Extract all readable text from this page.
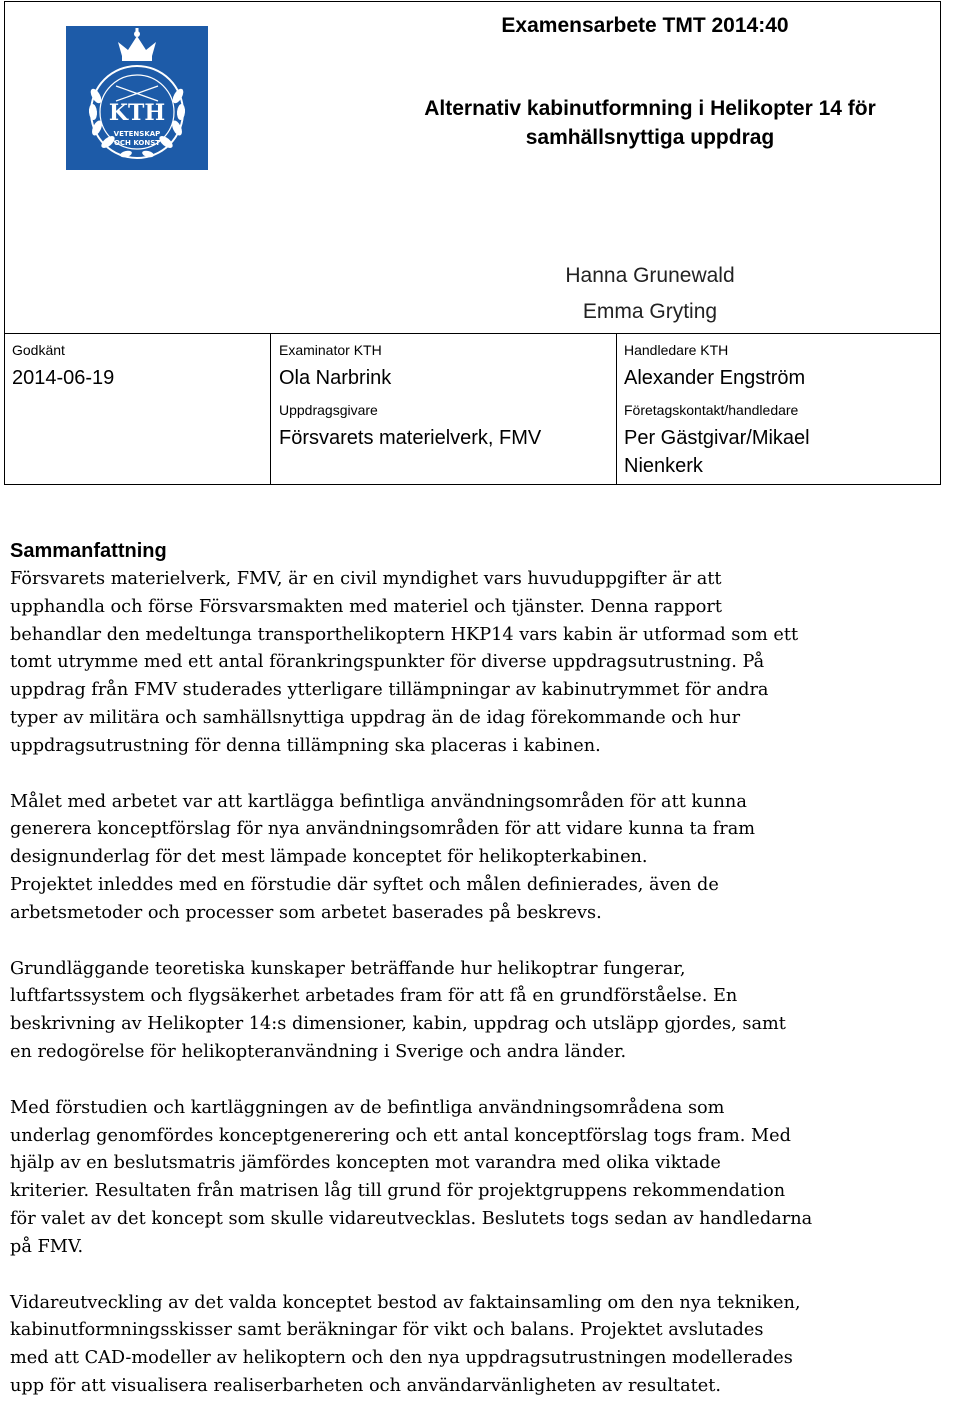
KTH
VETENSKAP
OCH KONST
Examensarbete TMT 2014:40
Alternativ kabinutformning i Helikopter 14 för
samhällsnyttiga uppdrag
Hanna Grunewald
Emma Gryting
Godkänt
2014-06-19
Examinator KTH
Ola Narbrink
Uppdragsgivare
Försvarets materielverk, FMV
Handledare KTH
Alexander Engström
Företagskontakt/handledare
Per Gästgivar/Mikael
Nienkerk
Sammanfattning

Försvarets materielverk, FMV, är en civil myndighet vars huvuduppgifter är att
upphandla och förse Försvarsmakten med materiel och tjänster. Denna rapport
behandlar den medeltunga transporthelikoptern HKP14 vars kabin är utformad som ett
tomt utrymme med ett antal förankringspunkter för diverse uppdragsutrustning. På
uppdrag från FMV studerades ytterligare tillämpningar av kabinutrymmet för andra
typer av militära och samhällsnyttiga uppdrag än de idag förekommande och hur
uppdragsutrustning för denna tillämpning ska placeras i kabinen.

Målet med arbetet var att kartlägga befintliga användningsområden för att kunna
generera konceptförslag för nya användningsområden för att vidare kunna ta fram
designunderlag för det mest lämpade konceptet för helikopterkabinen.
Projektet inleddes med en förstudie där syftet och målen definierades, även de
arbetsmetoder och processer som arbetet baserades på beskrevs.

Grundläggande teoretiska kunskaper beträffande hur helikoptrar fungerar,
luftfartssystem och flygsäkerhet arbetades fram för att få en grundförståelse. En
beskrivning av Helikopter 14:s dimensioner, kabin, uppdrag och utsläpp gjordes, samt
en redogörelse för helikopteranvändning i Sverige och andra länder.

Med förstudien och kartläggningen av de befintliga användningsområdena som
underlag genomfördes konceptgenerering och ett antal konceptförslag togs fram. Med
hjälp av en beslutsmatris jämfördes koncepten mot varandra med olika viktade
kriterier. Resultaten från matrisen låg till grund för projektgruppens rekommendation
för valet av det koncept som skulle vidareutvecklas. Beslutets togs sedan av handledarna
på FMV.

Vidareutveckling av det valda konceptet bestod av faktainsamling om den nya tekniken,
kabinutformningsskisser samt beräkningar för vikt och balans. Projektet avslutades
med att CAD-modeller av helikoptern och den nya uppdragsutrustningen modellerades
upp för att visualisera realiserbarheten och användarvänligheten av resultatet.
